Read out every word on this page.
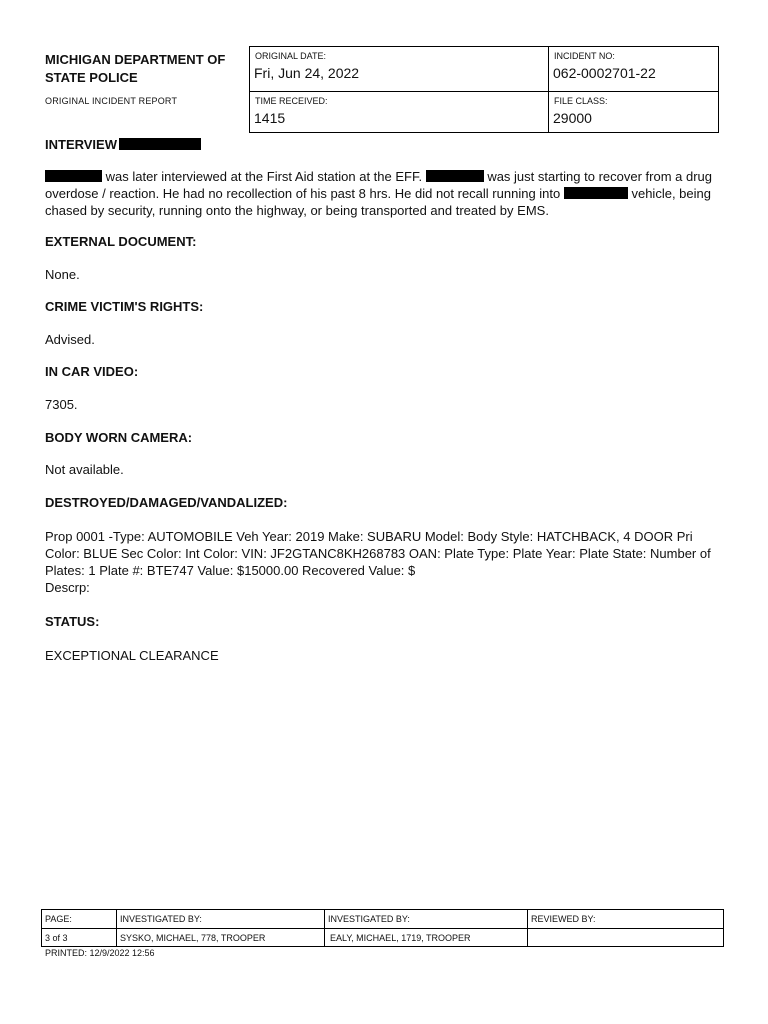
MICHIGAN DEPARTMENT OF STATE POLICE
ORIGINAL INCIDENT REPORT
ORIGINAL DATE:
Fri, Jun 24, 2022
INCIDENT NO:
062-0002701-22
TIME RECEIVED:
1415
FILE CLASS:
29000
INTERVIEW
was later interviewed at the First Aid station at the EFF.	was just starting to recover from a drug overdose / reaction. He had no recollection of his past 8 hrs. He did not recall running into	vehicle, being chased by security, running onto the highway, or being transported and treated by EMS.
EXTERNAL DOCUMENT:
None.
CRIME VICTIM'S RIGHTS:
Advised.
IN CAR VIDEO:
7305.
BODY WORN CAMERA:
Not available.
DESTROYED/DAMAGED/VANDALIZED:
Prop 0001 -Type: AUTOMOBILE Veh Year: 2019 Make: SUBARU Model: Body Style: HATCHBACK, 4 DOOR Pri Color: BLUE Sec Color: Int Color: VIN: JF2GTANC8KH268783 OAN: Plate Type: Plate Year: Plate State: Number of Plates: 1 Plate #: BTE747 Value: $15000.00 Recovered Value: $
Descrp:
STATUS:
EXCEPTIONAL CLEARANCE
PAGE:
3 of 3
INVESTIGATED BY:
SYSKO, MICHAEL, 778, TROOPER
INVESTIGATED BY:
EALY, MICHAEL, 1719, TROOPER
REVIEWED BY:
PRINTED: 12/9/2022 12:56
